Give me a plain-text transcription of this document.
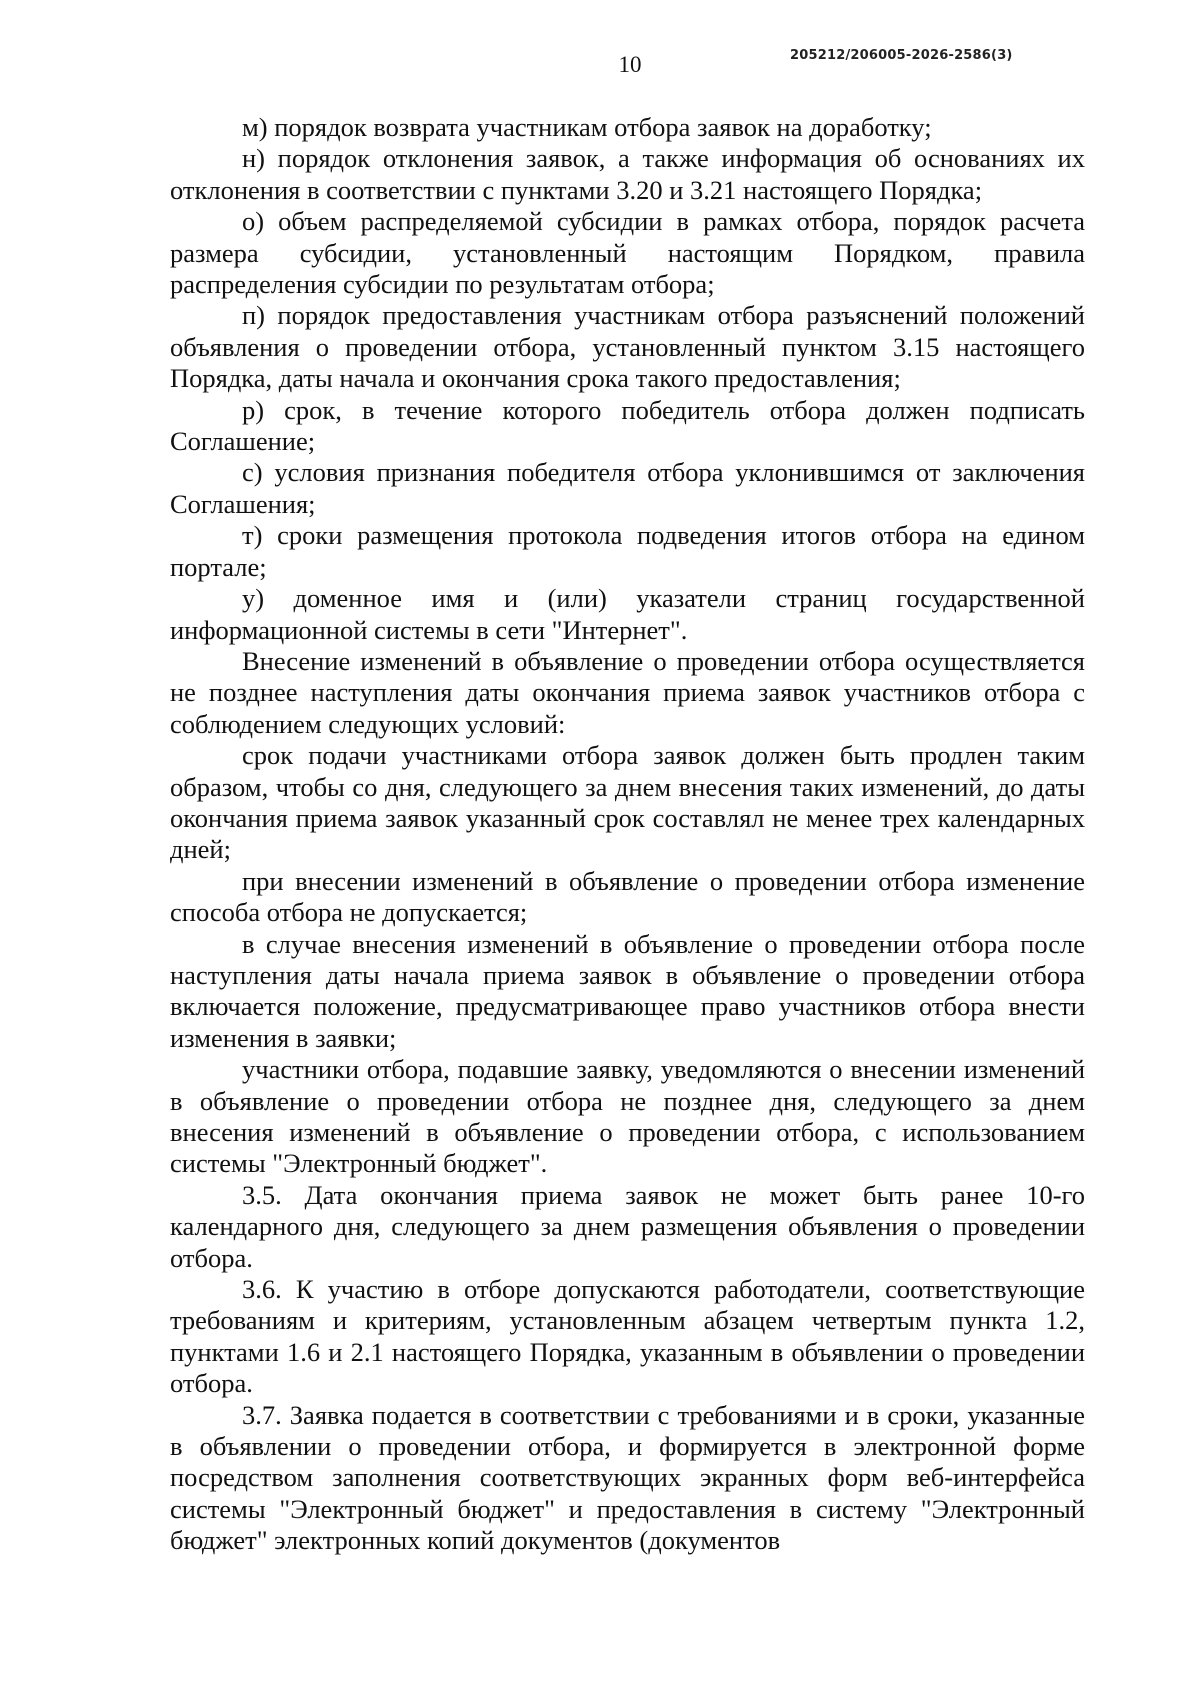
10	205212/206005-2026-2586(3)

м) порядок возврата участникам отбора заявок на доработку;

н) порядок отклонения заявок, а также информация об основаниях их отклонения в соответствии с пунктами 3.20 и 3.21 настоящего Порядка;

о) объем распределяемой субсидии в рамках отбора, порядок расчета размера субсидии, установленный настоящим Порядком, правила распределения субсидии по результатам отбора;

п) порядок предоставления участникам отбора разъяснений положений объявления о проведении отбора, установленный пунктом 3.15 настоящего Порядка, даты начала и окончания срока такого предоставления;

р) срок, в течение которого победитель отбора должен подписать Соглашение;

с) условия признания победителя отбора уклонившимся от заключения Соглашения;

т) сроки размещения протокола подведения итогов отбора на едином портале;

у) доменное имя и (или) указатели страниц государственной информационной системы в сети "Интернет".

Внесение изменений в объявление о проведении отбора осуществляется не позднее наступления даты окончания приема заявок участников отбора с соблюдением следующих условий:

срок подачи участниками отбора заявок должен быть продлен таким образом, чтобы со дня, следующего за днем внесения таких изменений, до даты окончания приема заявок указанный срок составлял не менее трех календарных дней;

при внесении изменений в объявление о проведении отбора изменение способа отбора не допускается;

в случае внесения изменений в объявление о проведении отбора после наступления даты начала приема заявок в объявление о проведении отбора включается положение, предусматривающее право участников отбора внести изменения в заявки;

участники отбора, подавшие заявку, уведомляются о внесении изменений в объявление о проведении отбора не позднее дня, следующего за днем внесения изменений в объявление о проведении отбора, с использованием системы "Электронный бюджет".

3.5. Дата окончания приема заявок не может быть ранее 10-го календарного дня, следующего за днем размещения объявления о проведении отбора.

3.6. К участию в отборе допускаются работодатели, соответствующие требованиям и критериям, установленным абзацем четвертым пункта 1.2, пунктами 1.6 и 2.1 настоящего Порядка, указанным в объявлении о проведении отбора.

3.7. Заявка подается в соответствии с требованиями и в сроки, указанные в объявлении о проведении отбора, и формируется в электронной форме посредством заполнения соответствующих экранных форм веб-интерфейса системы "Электронный бюджет" и предоставления в систему "Электронный бюджет" электронных копий документов (документов
